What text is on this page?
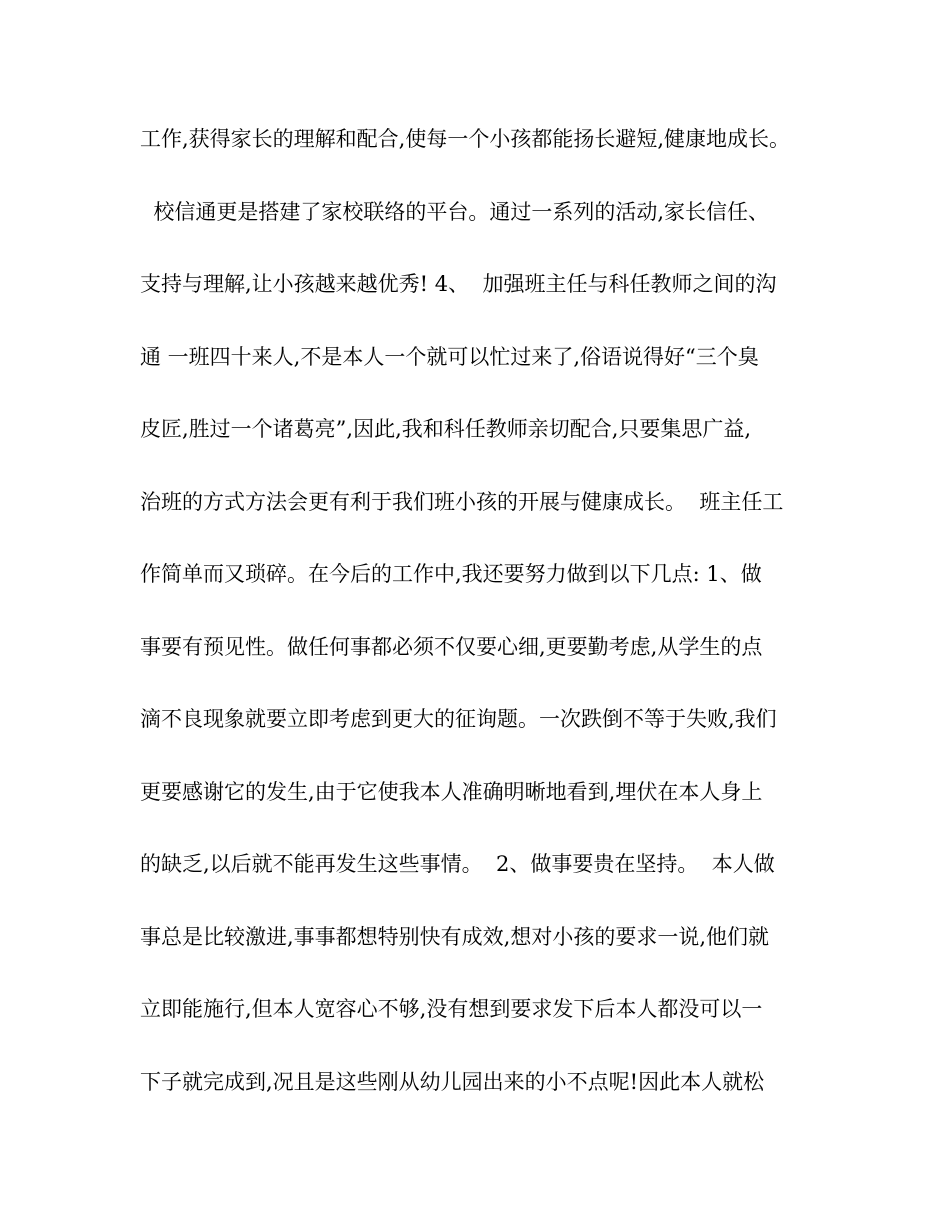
工作,获得家长的理解和配合,使每一个小孩都能扬长避短,健康地成长。
校信通更是搭建了家校联络的平台。通过一系列的活动,家长信任、
支持与理解,让小孩越来越优秀! 4、  加强班主任与科任教师之间的沟
通 一班四十来人,不是本人一个就可以忙过来了,俗语说得好“三个臭
皮匠,胜过一个诸葛亮”,因此,我和科任教师亲切配合,只要集思广益,
治班的方式方法会更有利于我们班小孩的开展与健康成长。  班主任工
作简单而又琐碎。在今后的工作中,我还要努力做到以下几点: 1、做
事要有预见性。做任何事都必须不仅要心细,更要勤考虑,从学生的点
滴不良现象就要立即考虑到更大的征询题。一次跌倒不等于失败,我们
更要感谢它的发生,由于它使我本人准确明晰地看到,埋伏在本人身上
的缺乏,以后就不能再发生这些事情。  2、做事要贵在坚持。  本人做
事总是比较激进,事事都想特别快有成效,想对小孩的要求一说,他们就
立即能施行,但本人宽容心不够,没有想到要求发下后本人都没可以一
下子就完成到,况且是这些刚从幼儿园出来的小不点呢!因此本人就松
